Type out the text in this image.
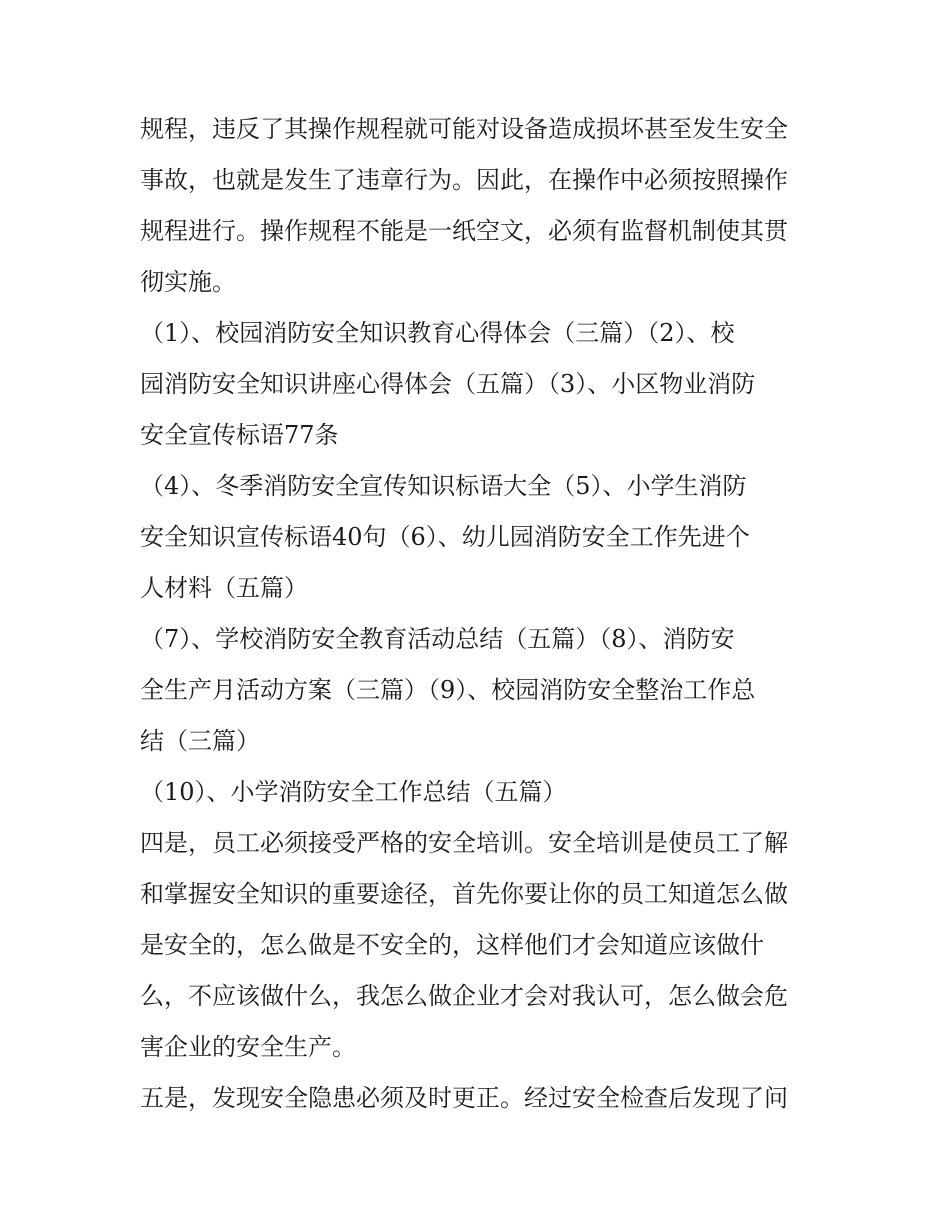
规程，违反了其操作规程就可能对设备造成损坏甚至发生安全
事故，也就是发生了违章行为。因此，在操作中必须按照操作
规程进行。操作规程不能是一纸空文，必须有监督机制使其贯
彻实施。
（1）、校园消防安全知识教育心得体会（三篇）（2）、校
园消防安全知识讲座心得体会（五篇）（3）、小区物业消防
安全宣传标语77条
（4）、冬季消防安全宣传知识标语大全（5）、小学生消防
安全知识宣传标语40句（6）、幼儿园消防安全工作先进个
人材料（五篇）
（7）、学校消防安全教育活动总结（五篇）（8）、消防安
全生产月活动方案（三篇）（9）、校园消防安全整治工作总
结（三篇）
（10）、小学消防安全工作总结（五篇）
四是，员工必须接受严格的安全培训。安全培训是使员工了解
和掌握安全知识的重要途径，首先你要让你的员工知道怎么做
是安全的，怎么做是不安全的，这样他们才会知道应该做什
么，不应该做什么，我怎么做企业才会对我认可，怎么做会危
害企业的安全生产。
五是，发现安全隐患必须及时更正。经过安全检查后发现了问
